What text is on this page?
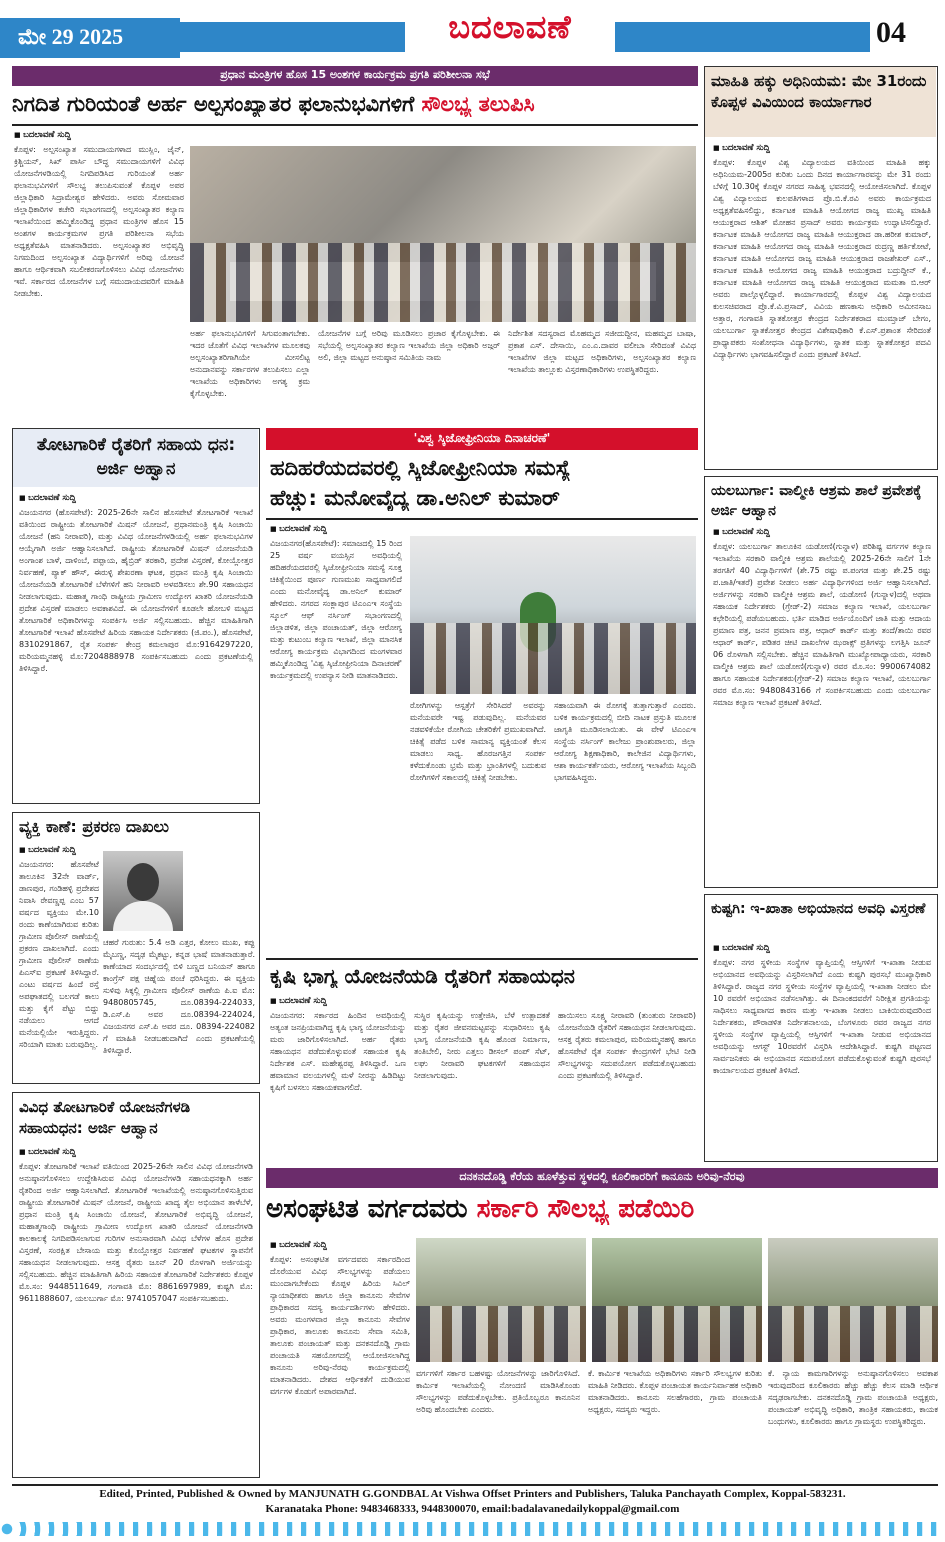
ಮೇ 29 2025	ಬದಲಾವಣೆ	04
ಪ್ರಧಾನ ಮಂತ್ರಿಗಳ ಹೊಸ 15 ಅಂಶಗಳ ಕಾರ್ಯಕ್ರಮ ಪ್ರಗತಿ ಪರಿಶೀಲನಾ ಸಭೆ
ನಿಗದಿತ ಗುರಿಯಂತೆ ಅರ್ಹ ಅಲ್ಪಸಂಖ್ಯಾತರ ಫಲಾನುಭವಿಗಳಿಗೆ ಸೌಲಭ್ಯ ತಲುಪಿಸಿ
■ ಬದಲಾವಣೆ ಸುದ್ದಿ
ಕೊಪ್ಪಳ: ಅಲ್ಪಸಂಖ್ಯಾತ ಸಮುದಾಯಗಳಾದ ಮುಸ್ಲಿಂ, ಜೈನ್, ಕ್ರಿಶ್ಚಿಯನ್, ಸಿಖ್ ಪಾರ್ಸಿ ಬೌದ್ಧ ಸಮುದಾಯಗಳಿಗೆ ವಿವಿಧ ಯೋಜನೆಗಳಡಿಯಲ್ಲಿ ನಿಗದಿಪಡಿಸಿದ ಗುರಿಯಂತೆ ಅರ್ಹ ಫಲಾನುಭವಿಗಳಿಗೆ ಸೌಲಭ್ಯ ತಲುಪಿಸುವಂತೆ ಕೊಪ್ಪಳ ಅಪರ ಜಿಲ್ಲಾಧಿಕಾರಿ ಸಿದ್ರಾಮೇಶ್ವರ ಹೇಳಿದರು. ಅವರು ಸೋಮವಾರ ಜಿಲ್ಲಾಧಿಕಾರಿಗಳ ಕಚೇರಿ ಸಭಾಂಗಣದಲ್ಲಿ ಅಲ್ಪಸಂಖ್ಯಾತರ ಕಲ್ಯಾಣ ಇಲಾಖೆಯಿಂದ ಹಮ್ಮಿಕೊಂಡಿದ್ದ ಪ್ರಧಾನ ಮಂತ್ರಿಗಳ ಹೊಸ 15 ಅಂಶಗಳ ಕಾರ್ಯಕ್ರಮಗಳ ಪ್ರಗತಿ ಪರಿಶೀಲನಾ ಸಭೆಯ ಅಧ್ಯಕ್ಷತೆವಹಿಸಿ ಮಾತನಾಡಿದರು. ಅಲ್ಪಸಂಖ್ಯಾತರ ಅಭಿವೃದ್ಧಿ ನಿಗಮದಿಂದ ಅಲ್ಪಸಂಖ್ಯಾತ ವಿದ್ಯಾರ್ಥಿಗಳಿಗೆ ಅರಿವು ಯೋಜನೆ ಹಾಗೂ ಆರ್ಥಿಕವಾಗಿ ಸಬಲೀಕರಣಗೊಳಿಸಲು ವಿವಿಧ ಯೋಜನೆಗಳು ಇವೆ. ಸರ್ಕಾರದ ಯೋಜನೆಗಳ ಬಗ್ಗೆ ಸಮುದಾಯದವರಿಗೆ ಮಾಹಿತಿ ನೀಡಬೇಕು.
ಅರ್ಹ ಫಲಾನುಭವಿಗಳಿಗೆ ಸಿಗುವಂತಾಗಬೇಕು. ಇದರ ಜೊತೆಗೆ ವಿವಿಧ ಇಲಾಖೆಗಳ ಮೂಲಕವು ಅಲ್ಪಸಂಖ್ಯಾತರಿಗಾಗಿಯೇ ಮೀಸಲಿಟ್ಟ ಅನುದಾನವನ್ನು ಸರ್ಕಾರಗಳ ತಲುಪಿಸಲು ಎಲ್ಲಾ ಇಲಾಖೆಯ ಅಧಿಕಾರಿಗಳು ಅಗತ್ಯ ಕ್ರಮ ಕೈಗೊಳ್ಳಬೇಕು.
ಯೋಜನೆಗಳ ಬಗ್ಗೆ ಅರಿವು ಮೂಡಿಸಲು ಪ್ರಚಾರ ಕೈಗೊಳ್ಳಬೇಕು. ಈ ಸಭೆಯಲ್ಲಿ ಅಲ್ಪಸಂಖ್ಯಾತರ ಕಲ್ಯಾಣ ಇಲಾಖೆಯ ಜಿಲ್ಲಾ ಅಧಿಕಾರಿ ಅಜ್ಗರ್ ಅಲಿ, ಜಿಲ್ಲಾ ಮಟ್ಟದ ಅನುಷ್ಠಾನ ಸಮಿತಿಯ ನಾಮ
ನಿರ್ದೇಶಿತ ಸದಸ್ಯರಾದ ಮೊಹಮ್ಮದ ಸಜೀದುದ್ದೀನ, ಮಹಮ್ಮದ ಬಾಷಾ, ಪ್ರಕಾಶ ಎಸ್. ದೇಸಾಯಿ, ಎಂ.ಎ.ದಾವರ ವಲೀಬಾ ಸೇರಿದಂತೆ ವಿವಿಧ ಇಲಾಖೆಗಳ ಜಿಲ್ಲಾ ಮಟ್ಟದ ಅಧಿಕಾರಿಗಳು, ಅಲ್ಪಸಂಖ್ಯಾತರ ಕಲ್ಯಾಣ ಇಲಾಖೆಯ ತಾಲ್ಲೂಕು ವಿಸ್ತರಣಾಧಿಕಾರಿಗಳು ಉಪಸ್ಥಿತರಿದ್ದರು.
ಮಾಹಿತಿ ಹಕ್ಕು ಅಧಿನಿಯಮ: ಮೇ 31ರಂದು ಕೊಪ್ಪಳ ವಿವಿಯಿಂದ ಕಾರ್ಯಾಗಾರ
■ ಬದಲಾವಣೆ ಸುದ್ದಿ
ಕೊಪ್ಪಳ: ಕೊಪ್ಪಳ ವಿಶ್ವ ವಿದ್ಯಾಲಯದ ವತಿಯಿಂದ ಮಾಹಿತಿ ಹಕ್ಕು ಅಧಿನಿಯಮ-2005ರ ಕುರಿತು ಒಂದು ದಿನದ ಕಾರ್ಯಾಗಾರವನ್ನು ಮೇ 31 ರಂದು ಬೆಳಿಗ್ಗೆ 10.30ಕ್ಕೆ ಕೊಪ್ಪಳ ನಗರದ ಸಾಹಿತ್ಯ ಭವನದಲ್ಲಿ ಆಯೋಜಿಸಲಾಗಿದೆ. ಕೊಪ್ಪಳ ವಿಶ್ವ ವಿದ್ಯಾಲಯದ ಕುಲಪತಿಗಳಾದ ಪ್ರೊ.ಬಿ.ಕೆ.ರವಿ ಅವರು ಕಾರ್ಯಕ್ರಮದ ಅಧ್ಯಕ್ಷತೆವಹಿಸಲಿದ್ದು, ಕರ್ನಾಟಕ ಮಾಹಿತಿ ಆಯೋಗದ ರಾಜ್ಯ ಮುಖ್ಯ ಮಾಹಿತಿ ಆಯುಕ್ತರಾದ ಆಶಿತ್ ಮೋಹನ ಪ್ರಸಾದ್ ಅವರು ಕಾರ್ಯಕ್ರಮ ಉದ್ಘಾಟಿಸಲಿದ್ದಾರೆ. ಕರ್ನಾಟಕ ಮಾಹಿತಿ ಆಯೋಗದ ರಾಜ್ಯ ಮಾಹಿತಿ ಆಯುಕ್ತರಾದ ಡಾ.ಹರೀಶ ಕುಮಾರ್, ಕರ್ನಾಟಕ ಮಾಹಿತಿ ಆಯೋಗದ ರಾಜ್ಯ ಮಾಹಿತಿ ಆಯುಕ್ತರಾದ ರುದ್ರಣ್ಣ ಹರ್ತಿಕೋಟೆ, ಕರ್ನಾಟಕ ಮಾಹಿತಿ ಆಯೋಗದ ರಾಜ್ಯ ಮಾಹಿತಿ ಆಯುಕ್ತರಾದ ರಾಜಶೇಖರ್ ಎಸ್., ಕರ್ನಾಟಕ ಮಾಹಿತಿ ಆಯೋಗದ ರಾಜ್ಯ ಮಾಹಿತಿ ಆಯುಕ್ತರಾದ ಬದ್ರುದ್ದೀನ್ ಕೆ., ಕರ್ನಾಟಕ ಮಾಹಿತಿ ಆಯೋಗದ ರಾಜ್ಯ ಮಾಹಿತಿ ಆಯುಕ್ತರಾದ ಮಮತಾ ಬಿ.ಆರ್ ಅವರು ಪಾಲ್ಗೊಳ್ಳಲಿದ್ದಾರೆ. ಕಾರ್ಯಾಗಾರದಲ್ಲಿ ಕೊಪ್ಪಳ ವಿಶ್ವ ವಿದ್ಯಾಲಯದ ಕುಲಸಚಿವರಾದ ಪ್ರೊ.ಕೆ.ವಿ.ಪ್ರಸಾದ್, ವಿವಿಯ ಹಣಕಾಸು ಅಧಿಕಾರಿ ಅಮೀನಸಾಬ ಅತ್ತಾರ, ಗಂಗಾವತಿ ಸ್ನಾತಕೋತ್ತರ ಕೇಂದ್ರದ ನಿರ್ದೇಶಕರಾದ ಮುಮ್ತಾಜ್ ಬೇಗಂ, ಯಲಬುರ್ಗಾ ಸ್ನಾತಕೋತ್ತರ ಕೇಂದ್ರದ ವಿಶೇಷಾಧಿಕಾರಿ ಕೆ.ಎಸ್.ಪ್ರಶಾಂತ ಸೇರಿದಂತೆ ಪ್ರಾಧ್ಯಾಪಕರು ಸಂಶೋಧನಾ ವಿದ್ಯಾರ್ಥಿಗಳು, ಸ್ನಾತಕ ಮತ್ತು ಸ್ನಾತಕೋತ್ತರ ಪದವಿ ವಿದ್ಯಾರ್ಥಿಗಳು ಭಾಗವಹಿಸಲಿದ್ದಾರೆ ಎಂದು ಪ್ರಕಟಣೆ ತಿಳಿಸಿದೆ.
ತೋಟಗಾರಿಕೆ ರೈತರಿಗೆ ಸಹಾಯ ಧನ: ಅರ್ಜಿ ಅಹ್ವಾನ
■ ಬದಲಾವಣೆ ಸುದ್ದಿ
ವಿಜಯನಗರ (ಹೊಸಪೇಟೆ): 2025-26ನೇ ಸಾಲಿನ ಹೊಸಪೇಟೆ ತೋಟಗಾರಿಕೆ ಇಲಾಖೆ ವತಿಯಿಂದ ರಾಷ್ಟ್ರೀಯ ತೋಟಗಾರಿಕೆ ಮಿಷನ್ ಯೋಜನೆ, ಪ್ರಧಾನಮಂತ್ರಿ ಕೃಷಿ ಸಿಂಚಾಯಿ ಯೋಜನೆ (ಹನಿ ನೀರಾವರಿ), ಮತ್ತು ವಿವಿಧ ಯೋಜನೆಗಳಡಿಯಲ್ಲಿ ಅರ್ಹ ಫಲಾನುಭವಿಗಳ ಆಯ್ಕೆಗಾಗಿ ಅರ್ಜಿ ಆಹ್ವಾನಿಸಲಾಗಿದೆ. ರಾಷ್ಟ್ರೀಯ ತೋಟಗಾರಿಕೆ ಮಿಷನ್ ಯೋಜನೆಯಡಿ ಅಂಗಾಂಶ ಬಾಳೆ, ದಾಳಿಂಬೆ, ಪಪ್ಪಾಯ, ಹೈಬ್ರಿಡ್ ತರಕಾರಿ, ಪ್ರದೇಶ ವಿಸ್ತರಣೆ, ಕೋಯ್ಲೋತ್ತರ ನಿರ್ವಹಣೆ, ಪ್ಯಾಕ್ ಹೌಸ್, ಈರುಳ್ಳಿ ಶೇಖರಣಾ ಘಟಕ, ಪ್ರಧಾನ ಮಂತ್ರಿ ಕೃಷಿ ಸಿಂಚಾಯಿ ಯೋಜನೆಯಡಿ ತೋಟಗಾರಿಕೆ ಬೆಳೆಗಳಿಗೆ ಹನಿ ನೀರಾವರಿ ಅಳವಡಿಸಲು ಶೇ.90 ಸಹಾಯಧನ ನೀಡಲಾಗುವುದು. ಮಹಾತ್ಮ ಗಾಂಧಿ ರಾಷ್ಟ್ರೀಯ ಗ್ರಾಮೀಣ ಉದ್ಯೋಗ ಖಾತರಿ ಯೋಜನೆಯಡಿ ಪ್ರದೇಶ ವಿಸ್ತರಣೆ ಮಾಡಲು ಅವಕಾಶವಿದೆ. ಈ ಯೋಜನೆಗಳಿಗೆ ಕೂಡಲೇ ಹೋಬಳಿ ಮಟ್ಟದ ತೋಟಗಾರಿಕೆ ಅಧಿಕಾರಿಗಳನ್ನು ಸಂಪರ್ಕಿಸಿ ಅರ್ಜಿ ಸಲ್ಲಿಸಬಹುದು. ಹೆಚ್ಚಿನ ಮಾಹಿತಿಗಾಗಿ ತೋಟಗಾರಿಕೆ ಇಲಾಖೆ ಹೊಸಪೇಟೆ ಹಿರಿಯ ಸಹಾಯಕ ನಿರ್ದೇಶಕರು (ಜಿ.ಪಂ.), ಹೊಸಪೇಟೆ, 8310291867, ರೈತ ಸಂಪರ್ಕ ಕೇಂದ್ರ ಕಮಲಾಪುರ ಮೊ:9164297220, ಮರಿಯಮ್ಮನಹಳ್ಳಿ ಮೊ:7204888978 ಸಂಪರ್ಕಿಸಬಹುದು ಎಂದು ಪ್ರಕಟಣೆಯಲ್ಲಿ ತಿಳಿಸಿದ್ದಾರೆ.
ವ್ಯಕ್ತಿ ಕಾಣೆ: ಪ್ರಕರಣ ದಾಖಲು
■ ಬದಲಾವಣೆ ಸುದ್ದಿ
ವಿಜಯನಗರ: ಹೊಸಪೇಟೆ ತಾಲೂಕಿನ 32ನೇ ವಾರ್ಡ್, ಡಾಣಪುರ, ಗಂಡಿಹಳ್ಳಿ ಪ್ರದೇಶದ ನಿವಾಸಿ ರೇವಣ್ಣಪ್ಪ ಎಂಬ 57 ವರ್ಷದ ವ್ಯಕ್ತಿಯು ಮೇ.10 ರಂದು ಕಾಣೆಯಾಗಿರುವ ಕುರಿತು ಗ್ರಾಮೀಣ ಪೊಲೀಸ್ ಠಾಣೆಯಲ್ಲಿ ಪ್ರಕರಣ ದಾಖಲಾಗಿದೆ. ಎಂದು ಗ್ರಾಮೀಣ ಪೊಲೀಸ್ ಠಾಣೆಯ ಪಿಎಸ್ಐ ಪ್ರಕಟಣೆ ತಿಳಿಸಿದ್ದಾರೆ. ಎಂಟು ವರ್ಷದ ಹಿಂದೆ ರಸ್ತೆ ಅಪಘಾತದಲ್ಲಿ ಬಲಗಡೆ ಕಾಲು ಮತ್ತು ಕೈಗೆ ಪೆಟ್ಟು ಬಿದ್ದು ನಡೆಯಲು ಆಗದೆ ಮನೆಯಲ್ಲಿಯೇ ಇರುತ್ತಿದ್ದರು. ಸರಿಯಾಗಿ ಮಾತು ಬರುವುದಿಲ್ಲ.
ಚಹರೆ ಗುರುತು: 5.4 ಅಡಿ ಎತ್ತರ, ಕೋಲು ಮುಖ, ಕಪ್ಪು ಮೈಬಣ್ಣ, ಸದೃಢ ಮೈಕಟ್ಟು, ಕನ್ನಡ ಭಾಷೆ ಮಾತನಾಡುತ್ತಾರೆ. ಕಾಣೆಯಾದ ಸಂದರ್ಭದಲ್ಲಿ ಬಿಳಿ ಬಣ್ಣದ ಬನಿಯನ್ ಹಾಗೂ ಕಾಂಗ್ರೆಸ್ ಪಕ್ಷ ಚಿಹ್ನೆಯ ಪಂಚೆ ಧರಿಸಿದ್ದರು. ಈ ವ್ಯಕ್ತಿಯ ಸುಳಿವು ಸಿಕ್ಕಲ್ಲಿ ಗ್ರಾಮೀಣ ಪೊಲೀಸ್ ಠಾಣೆಯ ಪಿ.ಐ ಮೊ: 9480805745, ದೂ.08394-224033, ಡಿ.ಎಸ್.ಪಿ ಅವರ ದೂ.08394-224024, ವಿಜಯನಗರ ಎಸ್.ಪಿ ಅವರ ದೂ. 08394-224082 ಗೆ ಮಾಹಿತಿ ನೀಡಬಹುದಾಗಿದೆ ಎಂದು ಪ್ರಕಟಣೆಯಲ್ಲಿ ತಿಳಿಸಿದ್ದಾರೆ.
ವಿವಿಧ ತೋಟಗಾರಿಕೆ ಯೋಜನೆಗಳಡಿ ಸಹಾಯಧನ: ಅರ್ಜಿ ಆಹ್ವಾನ
■ ಬದಲಾವಣೆ ಸುದ್ದಿ
ಕೊಪ್ಪಳ: ತೋಟಗಾರಿಕೆ ಇಲಾಖೆ ವತಿಯಿಂದ 2025-26ನೇ ಸಾಲಿನ ವಿವಿಧ ಯೋಜನೆಗಳಡಿ ಅನುಷ್ಠಾನಗೊಳಿಸಲು ಉದ್ದೇಶಿಸಿರುವ ವಿವಿಧ ಯೋಜನೆಗಳಡಿ ಸಹಾಯಧನಕ್ಕಾಗಿ ಅರ್ಹ ರೈತರಿಂದ ಅರ್ಜಿ ಆಹ್ವಾನಿಸಲಾಗಿದೆ. ತೋಟಗಾರಿಕೆ ಇಲಾಖೆಯಲ್ಲಿ ಅನುಷ್ಠಾನಗೊಳಿಸುತ್ತಿರುವ ರಾಷ್ಟ್ರೀಯ ತೋಟಗಾರಿಕೆ ಮಿಷನ್ ಯೋಜನೆ, ರಾಷ್ಟ್ರೀಯ ಖಾದ್ಯ ತೈಲ ಅಭಿಯಾನ ತಾಳೆಬೆಳೆ, ಪ್ರಧಾನ ಮಂತ್ರಿ ಕೃಷಿ ಸಿಂಚಾಯಿ ಯೋಜನೆ, ತೋಟಗಾರಿಕೆ ಅಭಿವೃದ್ಧಿ ಯೋಜನೆ, ಮಹಾತ್ಮಗಾಂಧಿ ರಾಷ್ಟ್ರೀಯ ಗ್ರಾಮೀಣ ಉದ್ಯೋಗ ಖಾತರಿ ಯೋಜನೆ ಯೋಜನೆಗಳಡಿ ಕಾಲಕಾಲಕ್ಕೆ ನಿಗದಿಪಡಿಸಲಾಗುವ ಗುರಿಗಳ ಅನುಸಾರವಾಗಿ ವಿವಿಧ ಬೆಳೆಗಳ ಹೊಸ ಪ್ರದೇಶ ವಿಸ್ತರಣೆ, ಸಂರಕ್ಷಿತ ಬೇಸಾಯ ಮತ್ತು ಕೊಯ್ಲೋತ್ತರ ನಿರ್ವಹಣೆ ಘಟಕಗಳ ಸ್ಥಾಪನೆಗೆ ಸಹಾಯಧನ ನೀಡಲಾಗುವುದು. ಆಸಕ್ತ ರೈತರು ಜೂನ್ 20 ರೊಳಗಾಗಿ ಅರ್ಜಿಯನ್ನು ಸಲ್ಲಿಸಬಹುದು. ಹೆಚ್ಚಿನ ಮಾಹಿತಿಗಾಗಿ ಹಿರಿಯ ಸಹಾಯಕ ತೋಟಗಾರಿಕೆ ನಿರ್ದೇಶಕರು ಕೊಪ್ಪಳ ಮೊ.ಸಂ: 9448511649, ಗಂಗಾವತಿ ಮೊ: 8861697989, ಕುಷ್ಟಗಿ ಮೊ: 9611888607, ಯಲಬುರ್ಗಾ ಮೊ: 9741057047 ಸಂಪರ್ಕಿಸಬಹುದು.
'ವಿಶ್ವ ಸ್ಕಿಜೋಫ್ರೀನಿಯಾ ದಿನಾಚರಣೆ'
ಹದಿಹರೆಯದವರಲ್ಲಿ ಸ್ಕಿಜೋಫ್ರೀನಿಯಾ ಸಮಸ್ಯೆ
ಹೆಚ್ಚು: ಮನೋವೈದ್ಯ ಡಾ.ಅನಿಲ್ ಕುಮಾರ್
■ ಬದಲಾವಣೆ ಸುದ್ದಿ
ವಿಜಯನಗರ(ಹೊಸಪೇಟೆ): ಸಮಾಜದಲ್ಲಿ 15 ರಿಂದ 25 ವರ್ಷ ವಯಸ್ಸಿನ ಅವಧಿಯಲ್ಲಿ ಹದಿಹರೆಯದವರಲ್ಲಿ ಸ್ಕಿಜೋಫ್ರೀನಿಯಾ ಸಮಸ್ಯೆ ಸೂಕ್ತ ಚಿಕಿತ್ಸೆಯಿಂದ ಪೂರ್ಣ ಗುಣಮುಖ ಸಾಧ್ಯವಾಗಲಿದೆ ಎಂದು ಮನೋವೈದ್ಯ ಡಾ.ಅನಿಲ್ ಕುಮಾರ್ ಹೇಳಿದರು. ನಗರದ ಸಂಕ್ಲಾಪುರ ಟಿಎಂಎಇ ಸಂಸ್ಥೆಯ ಸ್ಕೂಲ್ ಆಫ್ ನರ್ಸಿಂಗ್ ಸಭಾಂಗಣದಲ್ಲಿ ಜಿಲ್ಲಾಡಳಿತ, ಜಿಲ್ಲಾ ಪಂಚಾಯತ್, ಜಿಲ್ಲಾ ಆರೋಗ್ಯ ಮತ್ತು ಕುಟುಂಬ ಕಲ್ಯಾಣ ಇಲಾಖೆ, ಜಿಲ್ಲಾ ಮಾನಸಿಕ ಆರೋಗ್ಯ ಕಾರ್ಯಕ್ರಮ ವಿಭಾಗದಿಂದ ಮಂಗಳವಾರ ಹಮ್ಮಿಕೊಂಡಿದ್ದ 'ವಿಶ್ವ ಸ್ಕಿಜೋಫ್ರೀನಿಯಾ ದಿನಾಚರಣೆ' ಕಾರ್ಯಕ್ರಮದಲ್ಲಿ ಉಪನ್ಯಾಸ ನೀಡಿ ಮಾತನಾಡಿದರು.
ರೋಗಿಗಳನ್ನು ಆಸ್ಪತ್ರೆಗೆ ಸೇರಿಸಿದರೆ ಅವರನ್ನು ಮನೆಯವರೇ ಇಷ್ಟ ಪಡುವುದಿಲ್ಲ. ಮನೆಯವರ ನಡವಳಿಕೆಯೇ ರೋಗಿಯ ಚೇತರಿಕೆಗೆ ಪ್ರಮುಖವಾಗಿದೆ. ಚಿಕಿತ್ಸೆ ಪಡೆದ ಬಳಿಕ ಸಾಮಾನ್ಯ ವ್ಯಕ್ತಿಯಂತೆ ಕೆಲಸ ಮಾಡಲು ಸಾಧ್ಯ. ಹೊರಜಗತ್ತಿನ ಸಂಪರ್ಕ ಕಳೆದುಕೊಂಡು ಭ್ರಮೆ ಮತ್ತು ಭ್ರಾಂತಿಗಳಲ್ಲಿ ಬದುಕುವ ರೋಗಿಗಳಿಗೆ ಸಕಾಲದಲ್ಲಿ ಚಿಕಿತ್ಸೆ ನೀಡಬೇಕು.
ಸಹಾಯವಾಗಿ ಈ ರೋಗಕ್ಕೆ ತುತ್ತಾಗುತ್ತಾರೆ ಎಂದರು. ಬಳಿಕ ಕಾರ್ಯಕ್ರಮದಲ್ಲಿ ಬೀದಿ ನಾಟಕ ಪ್ರಸ್ತುತಿ ಮೂಲಕ ಜಾಗೃತಿ ಮೂಡಿಸಲಾಯಿತು. ಈ ವೇಳೆ ಟಿಎಂಎಇ ಸಂಸ್ಥೆಯ ನರ್ಸಿಂಗ್ ಕಾಲೇಜು ಪ್ರಾಂಶುಪಾಲರು, ಜಿಲ್ಲಾ ಆರೋಗ್ಯ ಶಿಕ್ಷಣಾಧಿಕಾರಿ, ಕಾಲೇಜಿನ ವಿದ್ಯಾರ್ಥಿಗಳು, ಆಶಾ ಕಾರ್ಯಕರ್ತೆಯರು, ಆರೋಗ್ಯ ಇಲಾಖೆಯ ಸಿಬ್ಬಂದಿ ಭಾಗವಹಿಸಿದ್ದರು.
ಯಲಬುರ್ಗಾ: ವಾಲ್ಮೀಕಿ ಆಶ್ರಮ ಶಾಲೆ ಪ್ರವೇಶಕ್ಕೆ ಅರ್ಜಿ ಆಹ್ವಾನ
■ ಬದಲಾವಣೆ ಸುದ್ದಿ
ಕೊಪ್ಪಳ: ಯಲಬುರ್ಗಾ ತಾಲೂಕಿನ ಯಡೋಣಿ(ಗುನ್ನಾಳ) ಪರಿಶಿಷ್ಟ ವರ್ಗಗಳ ಕಲ್ಯಾಣ ಇಲಾಖೆಯ ಸರಕಾರಿ ವಾಲ್ಮೀಕಿ ಆಶ್ರಮ ಶಾಲೆಯಲ್ಲಿ 2025-26ನೇ ಸಾಲಿಗೆ 1ನೇ ತರಗತಿಗೆ 40 ವಿದ್ಯಾರ್ಥಿಗಳಿಗೆ (ಶೇ.75 ರಷ್ಟು ಪ.ಪಂಗಡ ಮತ್ತು ಶೇ.25 ರಷ್ಟು ಪ.ಜಾತಿ/ಇತರೆ) ಪ್ರವೇಶ ನೀಡಲು ಅರ್ಹ ವಿದ್ಯಾರ್ಥಿಗಳಿಂದ ಅರ್ಜಿ ಆಹ್ವಾನಿಸಲಾಗಿದೆ. ಅರ್ಜಿಗಳನ್ನು ಸರಕಾರಿ ವಾಲ್ಮೀಕಿ ಆಶ್ರಮ ಶಾಲೆ, ಯಡೋಣಿ (ಗುನ್ನಾಳ)ದಲ್ಲಿ ಅಥವಾ ಸಹಾಯಕ ನಿರ್ದೇಶಕರು (ಗ್ರೇಡ್-2) ಸಮಾಜ ಕಲ್ಯಾಣ ಇಲಾಖೆ, ಯಲಬುರ್ಗಾ ಕಛೇರಿಯಲ್ಲಿ ಪಡೆಯಬಹುದು. ಭರ್ತಿ ಮಾಡಿದ ಅರ್ಜಿಯೊಂದಿಗೆ ಜಾತಿ ಮತ್ತು ಆದಾಯ ಪ್ರಮಾಣ ಪತ್ರ, ಜನನ ಪ್ರಮಾಣ ಪತ್ರ, ಆಧಾರ್ ಕಾರ್ಡ್ ಮತ್ತು ತಂದೆ/ತಾಯಿ ರವರ ಆಧಾರ್ ಕಾರ್ಡ್, ಪಡಿತರ ಚೀಟಿ ದಾಖಲೆಗಳ ಝರಾಕ್ಸ್ ಪ್ರತಿಗಳನ್ನು ಲಗತ್ತಿಸಿ ಜೂನ್ 06 ರೊಳಗಾಗಿ ಸಲ್ಲಿಸಬೇಕು. ಹೆಚ್ಚಿನ ಮಾಹಿತಿಗಾಗಿ ಮುಖ್ಯೋಪಾಧ್ಯಾಯರು, ಸರಕಾರಿ ವಾಲ್ಮೀಕಿ ಆಶ್ರಮ ಶಾಲೆ ಯಡೋಣಿ(ಗುನ್ನಾಳ) ರವರ ಮೊ.ಸಂ: 9900674082 ಹಾಗೂ ಸಹಾಯಕ ನಿರ್ದೇಶಕರು(ಗ್ರೇಡ್-2) ಸಮಾಜ ಕಲ್ಯಾಣ ಇಲಾಖೆ, ಯಲಬುರ್ಗಾ ರವರ ಮೊ.ಸಂ: 9480843166 ಗೆ ಸಂಪರ್ಕಿಸಬಹುದು ಎಂದು ಯಲಬುರ್ಗಾ ಸಮಾಜ ಕಲ್ಯಾಣ ಇಲಾಖೆ ಪ್ರಕಟಣೆ ತಿಳಿಸಿದೆ.
ಕುಷ್ಟಗಿ: ಇ-ಖಾತಾ ಅಭಿಯಾನದ ಅವಧಿ ವಿಸ್ತರಣೆ
■ ಬದಲಾವಣೆ ಸುದ್ದಿ
ಕೊಪ್ಪಳ: ನಗರ ಸ್ಥಳೀಯ ಸಂಸ್ಥೆಗಳ ವ್ಯಾಪ್ತಿಯಲ್ಲಿ ಆಸ್ತಿಗಳಿಗೆ ಇ-ಖಾತಾ ನೀಡುವ ಅಭಿಯಾನದ ಅವಧಿಯನ್ನು ವಿಸ್ತರಿಸಲಾಗಿದೆ ಎಂದು ಕುಷ್ಟಗಿ ಪುರಸಭೆ ಮುಖ್ಯಾಧಿಕಾರಿ ತಿಳಿಸಿದ್ದಾರೆ. ರಾಜ್ಯದ ನಗರ ಸ್ಥಳೀಯ ಸಂಸ್ಥೆಗಳ ವ್ಯಾಪ್ತಿಯಲ್ಲಿ ಇ-ಖಾತಾ ನೀಡಲು ಮೇ 10 ರವರೆಗೆ ಅಭಿಯಾನ ನಡೆಸಲಾಗಿತ್ತು. ಈ ದಿನಾಂಕದವರೆಗೆ ನಿರೀಕ್ಷಿತ ಪ್ರಗತಿಯನ್ನು ಸಾಧಿಸಲು ಸಾಧ್ಯವಾಗದ ಕಾರಣ ಮತ್ತು ಇ-ಖಾತಾ ನೀಡಲು ಬಾಕಿಯಿರುವುದರಿಂದ ನಿರ್ದೇಶಕರು, ಪೌರಾಡಳಿತ ನಿರ್ದೇಶನಾಲಯ, ಬೆಂಗಳೂರು ರವರ ರಾಜ್ಯದ ನಗರ ಸ್ಥಳೀಯ ಸಂಸ್ಥೆಗಳ ವ್ಯಾಪ್ತಿಯಲ್ಲಿ ಆಸ್ತಿಗಳಿಗೆ ಇ-ಖಾತಾ ನೀಡುವ ಅಭಿಯಾನದ ಅವಧಿಯನ್ನು ಆಗಸ್ಟ್ 10ರವರೆಗೆ ವಿಸ್ತರಿಸಿ ಆದೇಶಿಸಿದ್ದಾರೆ. ಕುಷ್ಟಗಿ ಪಟ್ಟಣದ ಸಾರ್ವಜನಿಕರು ಈ ಅಭಿಯಾನದ ಸದುಪಯೋಗ ಪಡೆದುಕೊಳ್ಳುವಂತೆ ಕುಷ್ಟಗಿ ಪುರಸಭೆ ಕಾರ್ಯಾಲಯದ ಪ್ರಕಟಣೆ ತಿಳಿಸಿದೆ.
ಕೃಷಿ ಭಾಗ್ಯ ಯೋಜನೆಯಡಿ ರೈತರಿಗೆ ಸಹಾಯಧನ
■ ಬದಲಾವಣೆ ಸುದ್ದಿ
ವಿಜಯನಗರ: ಸರ್ಕಾರದ ಹಿಂದಿನ ಅವಧಿಯಲ್ಲಿ ಅತ್ಯಂತ ಜನಪ್ರಿಯವಾಗಿದ್ದ ಕೃಷಿ ಭಾಗ್ಯ ಯೋಜನೆಯನ್ನು ಮರು ಜಾರಿಗೊಳಿಸಲಾಗಿದೆ. ಅರ್ಹ ರೈತರು ಸಹಾಯಧನ ಪಡೆದುಕೊಳ್ಳುವಂತೆ ಸಹಾಯಕ ಕೃಷಿ ನಿರ್ದೇಶಕ ಎಸ್. ಮಹೇಶ್ವರಪ್ಪ ತಿಳಿಸಿದ್ದಾರೆ. ಒಣ ಹವಾಮಾನ ವಲಯಗಳಲ್ಲಿ ಮಳೆ ನೀರನ್ನು ಹಿಡಿದಿಟ್ಟು ಕೃಷಿಗೆ ಬಳಸಲು ಸಹಾಯಕವಾಗಲಿದೆ.
ಸುಸ್ಥಿರ ಕೃಷಿಯನ್ನು ಉತ್ತೇಜಿಸಿ, ಬೆಳೆ ಉತ್ಪಾದಕತೆ ಮತ್ತು ರೈತರ ಜೀವನಮಟ್ಟವನ್ನು ಸುಧಾರಿಸಲು ಕೃಷಿ ಭಾಗ್ಯ ಯೋಜನೆಯಡಿ ಕೃಷಿ ಹೊಂಡ ನಿರ್ಮಾಣ, ತಂತಿಬೇಲಿ, ನೀರು ಎತ್ತಲು ಡೀಸಲ್ ಪಂಪ್ ಸೆಟ್, ಲಘು ನೀರಾವರಿ ಘಟಕಗಳಿಗೆ ಸಹಾಯಧನ ನೀಡಲಾಗುವುದು.
ಹಾಯಿಸಲು ಸೂಕ್ಷ್ಮ ನೀರಾವರಿ (ತುಂತುರು ನೀರಾವರಿ) ಯೋಜನೆಯಡಿ ರೈತರಿಗೆ ಸಹಾಯಧನ ನೀಡಲಾಗುವುದು. ಆಸಕ್ತ ರೈತರು ಕಮಲಾಪುರ, ಮರಿಯಮ್ಮನಹಳ್ಳಿ ಹಾಗೂ ಹೊಸಪೇಟೆ ರೈತ ಸಂಪರ್ಕ ಕೇಂದ್ರಗಳಿಗೆ ಭೇಟಿ ನೀಡಿ ಸೌಲಭ್ಯಗಳನ್ನು ಸದುಪಯೋಗ ಪಡೆದುಕೊಳ್ಳಬಹುದು ಎಂದು ಪ್ರಕಟಣೆಯಲ್ಲಿ ತಿಳಿಸಿದ್ದಾರೆ.
ದನಕನದೊಡ್ಡಿ ಕೆರೆಯ ಹೂಳೆತ್ತುವ ಸ್ಥಳದಲ್ಲಿ ಕೂಲಿಕಾರರಿಗೆ ಕಾನೂನು ಅರಿವು-ನೆರವು
ಅಸಂಘಟಿತ ವರ್ಗದವರು ಸರ್ಕಾರಿ ಸೌಲಭ್ಯ ಪಡೆಯಿರಿ
■ ಬದಲಾವಣೆ ಸುದ್ದಿ
ಕೊಪ್ಪಳ: ಅಸಂಘಟಿತ ವರ್ಗದವರು ಸರ್ಕಾರದಿಂದ ದೊರೆಯುವ ವಿವಿಧ ಸೌಲಭ್ಯಗಳನ್ನು ಪಡೆಯಲು ಮುಂದಾಗಬೇಕೆಂದು ಕೊಪ್ಪಳ ಹಿರಿಯ ಸಿವಿಲ್ ನ್ಯಾಯಾಧೀಶರು ಹಾಗೂ ಜಿಲ್ಲಾ ಕಾನೂನು ಸೇವೆಗಳ ಪ್ರಾಧಿಕಾರದ ಸದಸ್ಯ ಕಾರ್ಯದರ್ಶಿಗಳು ಹೇಳಿದರು. ಅವರು ಮಂಗಳವಾರ ಜಿಲ್ಲಾ ಕಾನೂನು ಸೇವೆಗಳ ಪ್ರಾಧಿಕಾರ, ತಾಲೂಕು ಕಾನೂನು ಸೇವಾ ಸಮಿತಿ, ತಾಲೂಕು ಪಂಚಾಯತ್ ಮತ್ತು ದನಕನದೊಡ್ಡಿ ಗ್ರಾಮ ಪಂಚಾಯತಿ ಸಹಯೋಗದಲ್ಲಿ ಆಯೋಜಿಸಲಾಗಿದ್ದ ಕಾನೂನು ಅರಿವು-ನೆರವು ಕಾರ್ಯಕ್ರಮದಲ್ಲಿ ಮಾತನಾಡಿದರು. ದೇಶದ ಆರ್ಥಿಕತೆಗೆ ದುಡಿಯುವ ವರ್ಗಗಳ ಕೊಡುಗೆ ಅಪಾರವಾಗಿದೆ.
ವರ್ಗಗಳಿಗೆ ಸರ್ಕಾರ ಬಹಳಷ್ಟು ಯೋಜನೆಗಳನ್ನು ಜಾರಿಗೊಳಿಸಿದೆ. ಕಾರ್ಮಿಕ ಇಲಾಖೆಯಲ್ಲಿ ನೋಂದಣಿ ಮಾಡಿಸಿಕೊಂಡು ಸೌಲಭ್ಯಗಳನ್ನು ಪಡೆದುಕೊಳ್ಳಬೇಕು. ಪ್ರತಿಯೊಬ್ಬರೂ ಕಾನೂನಿನ ಅರಿವು ಹೊಂದಬೇಕು ಎಂದರು.
ಕೆ. ಕಾರ್ಮಿಕ ಇಲಾಖೆಯ ಅಧಿಕಾರಿಗಳು ಸರ್ಕಾರಿ ಸೌಲಭ್ಯಗಳ ಕುರಿತು ಮಾಹಿತಿ ನೀಡಿದರು. ಕೊಪ್ಪಳ ಪಂಚಾಯತ ಕಾರ್ಯನಿರ್ವಾಹಕ ಅಧಿಕಾರಿ ಮಾತನಾಡಿದರು. ಕಾನೂನು ಸಲಹೆಗಾರರು, ಗ್ರಾಮ ಪಂಚಾಯತಿ ಅಧ್ಯಕ್ಷರು, ಸದಸ್ಯರು ಇದ್ದರು.
ಕೆ. ನ್ಯಾಯ ಕಾಮಗಾರಿಗಳನ್ನು ಅನುಷ್ಠಾನಗೊಳಿಸಲು ಅವಕಾಶ ಇರುವುದರಿಂದ ಕೂಲಿಕಾರರು ಹೆಚ್ಚು ಹೆಚ್ಚು ಕೆಲಸ ಮಾಡಿ ಆರ್ಥಿಕ ಸದೃಢರಾಗಬೇಕು. ದನಕನದೊಡ್ಡಿ ಗ್ರಾಮ ಪಂಚಾಯತಿ ಅಧ್ಯಕ್ಷರು, ಪಂಚಾಯತ್ ಅಭಿವೃದ್ಧಿ ಅಧಿಕಾರಿ, ತಾಂತ್ರಿಕ ಸಹಾಯಕರು, ಕಾಯಕ ಬಂಧುಗಳು, ಕೂಲಿಕಾರರು ಹಾಗೂ ಗ್ರಾಮಸ್ಥರು ಉಪಸ್ಥಿತರಿದ್ದರು.
Edited, Printed, Published & Owned by MANJUNATH G.GONDBAL At Vishwa Offset Printers and Publishers, Taluka Panchayath Complex, Koppal-583231.
Karanataka Phone: 9483468333, 9448300070, email:badalavanedailykoppal@gmail.com
